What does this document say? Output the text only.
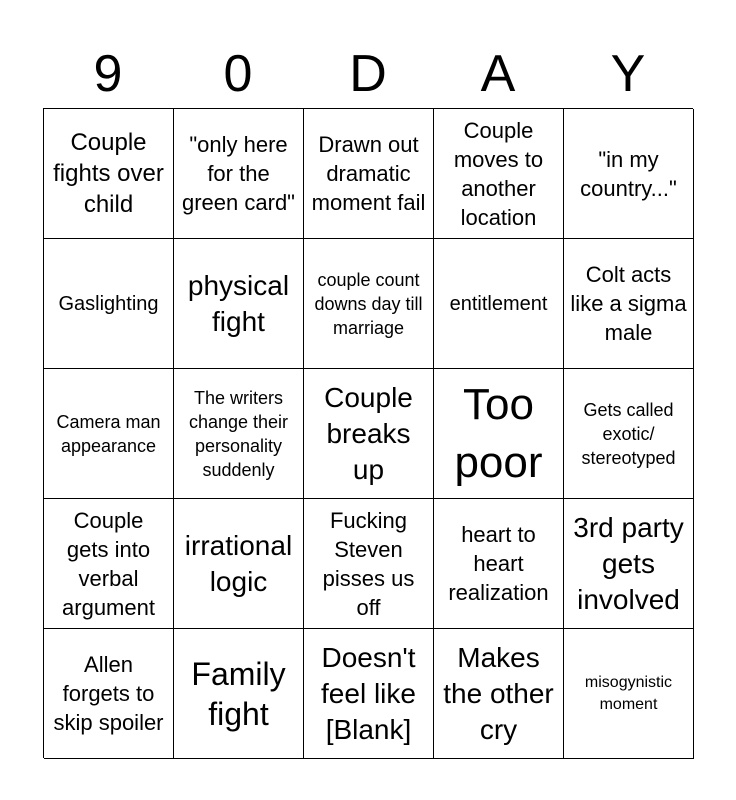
9	0	D	A	Y
Couple fights over child
"only here for the green card"
Drawn out dramatic moment fail
Couple moves to another location
"in my country..."
Gaslighting
physical fight
couple count downs day till marriage
entitlement
Colt acts like a sigma male
Camera man appearance
The writers change their personality suddenly
Couple breaks up
Too poor
Gets called exotic/ stereotyped
Couple gets into verbal argument
irrational logic
Fucking Steven pisses us off
heart to heart realization
3rd party gets involved
Allen forgets to skip spoiler
Family fight
Doesn't feel like [Blank]
Makes the other cry
misogynistic moment
